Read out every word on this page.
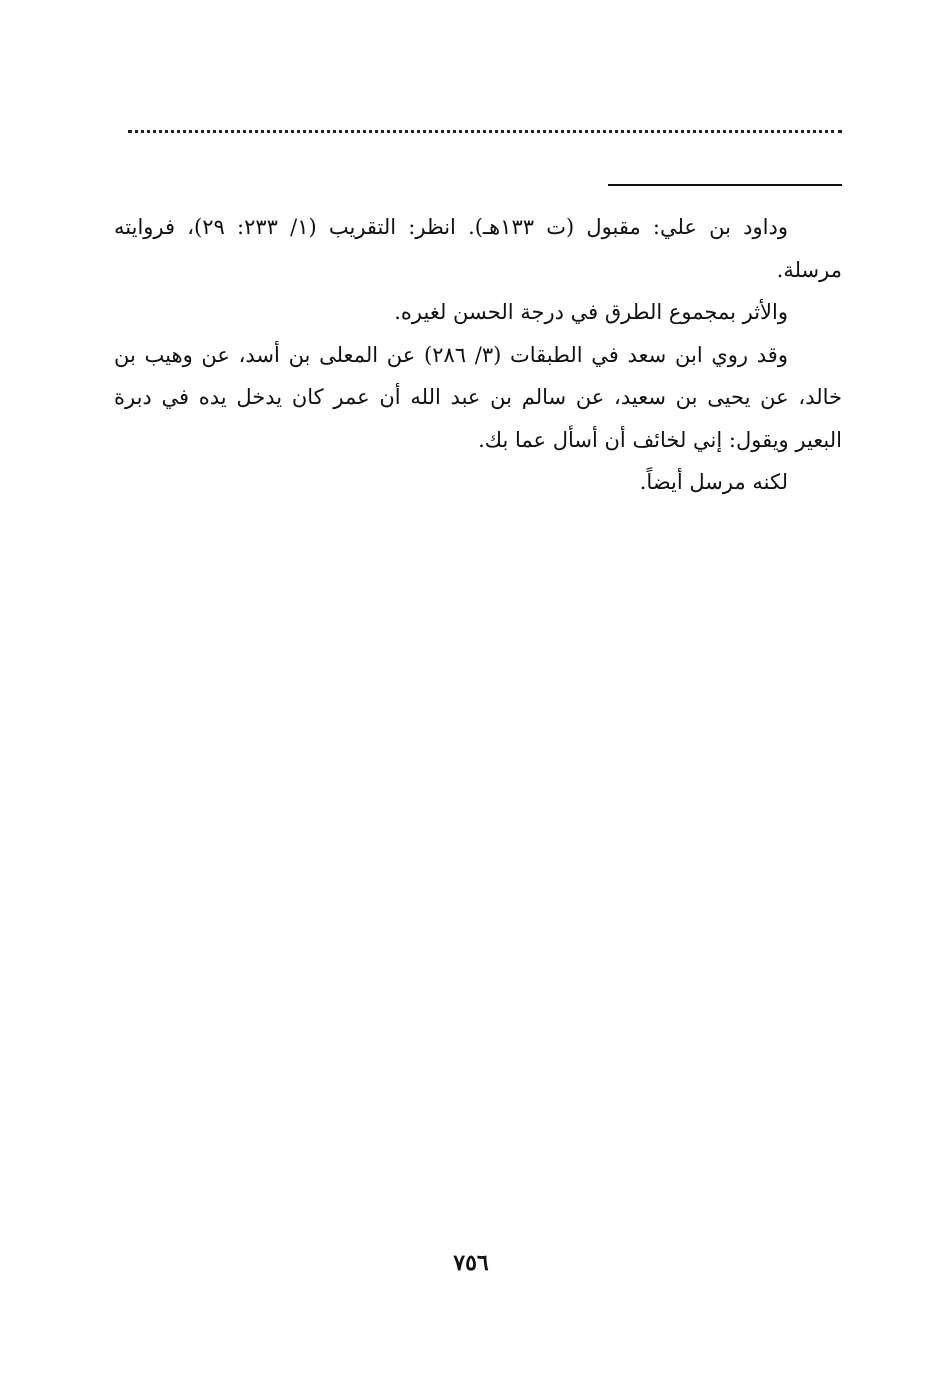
وداود بن علي: مقبول (ت ١٣٣هـ). انظر: التقريب (١/ ٢٣٣: ٢٩)، فروايته مرسلة.

والأثر بمجموع الطرق في درجة الحسن لغيره.

وقد روي ابن سعد في الطبقات (٣/ ٢٨٦) عن المعلى بن أسد، عن وهيب بن خالد، عن يحيى بن سعيد، عن سالم بن عبد الله أن عمر كان يدخل يده في دبرة البعير ويقول: إني لخائف أن أسأل عما بك.

لكنه مرسل أيضاً.

٧٥٦
